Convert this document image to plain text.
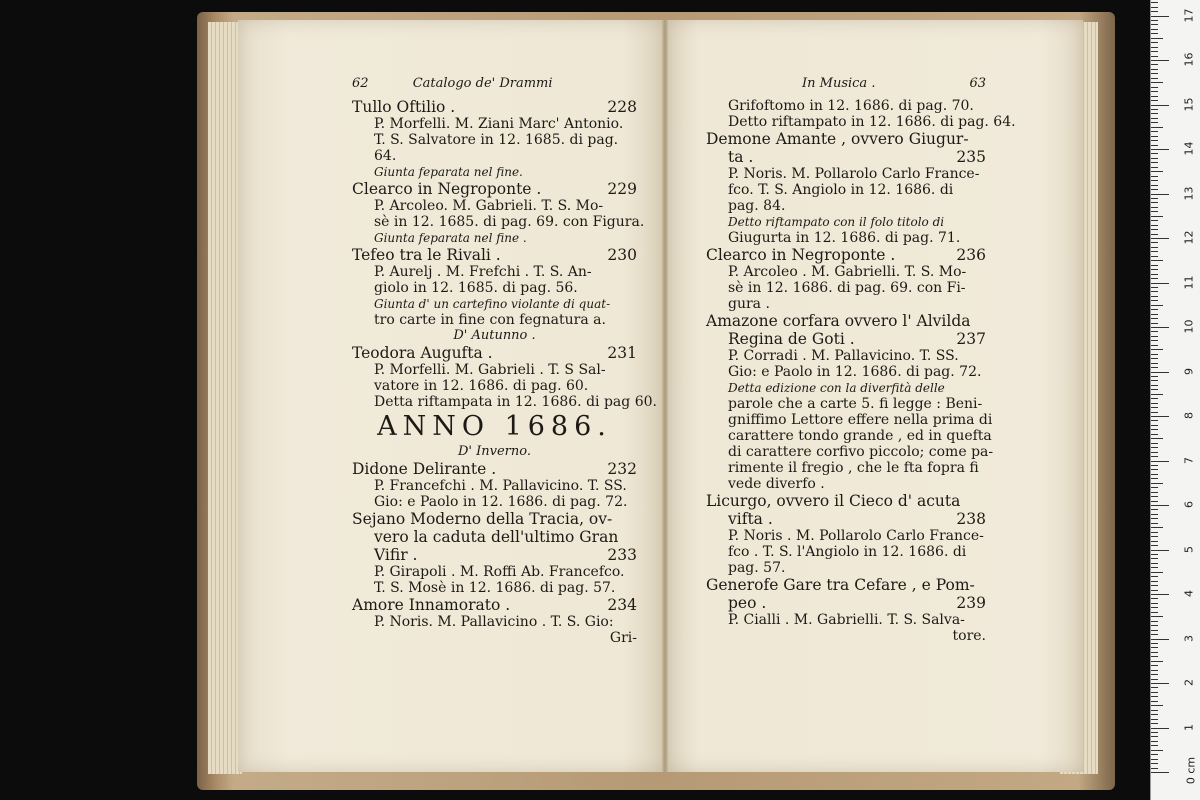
62	Catalogo de' Drammi
Tullo Oftilio .	228
P. Morfelli. M. Ziani Marc' Antonio.
T. S. Salvatore in 12. 1685. di pag.
64.
Giunta feparata nel fine.
Clearco in Negroponte .	229
P. Arcoleo. M. Gabrieli. T. S. Mo-
sè in 12. 1685. di pag. 69. con Figura.
Giunta feparata nel fine .
Tefeo tra le Rivali .	230
P. Aurelj . M. Frefchi . T. S. An-
giolo in 12. 1685. di pag. 56.
Giunta d' un cartefino violante di quat-
tro carte in fine con fegnatura a.
D' Autunno .
Teodora Augufta .	231
P. Morfelli. M. Gabrieli . T. S Sal-
vatore in 12. 1686. di pag. 60.
Detta riftampata in 12. 1686. di pag 60.
ANNO 1686.
D' Inverno.
Didone Delirante .	232
P. Francefchi . M. Pallavicino. T. SS.
Gio: e Paolo in 12. 1686. di pag. 72.
Sejano Moderno della Tracia, ov-
vero la caduta dell'ultimo Gran
Vifir .	233
P. Girapoli . M. Roffi Ab. Francefco.
T. S. Mosè in 12. 1686. di pag. 57.
Amore Innamorato .	234
P. Noris. M. Pallavicino . T. S. Gio:
Gri-
In Musica .	63
Grifoftomo in 12. 1686. di pag. 70.
Detto riftampato in 12. 1686. di pag. 64.
Demone Amante , ovvero Giugur-
ta .	235
P. Noris. M. Pollarolo Carlo France-
fco. T. S. Angiolo in 12. 1686. di
pag. 84.
Detto riftampato con il folo titolo di
Giugurta in 12. 1686. di pag. 71.
Clearco in Negroponte .	236
P. Arcoleo . M. Gabrielli. T. S. Mo-
sè in 12. 1686. di pag. 69. con Fi-
gura .
Amazone corfara ovvero l' Alvilda
Regina de Goti .	237
P. Corradi . M. Pallavicino. T. SS.
Gio: e Paolo in 12. 1686. di pag. 72.
Detta edizione con la diverfità delle
parole che a carte 5. fi legge : Beni-
gniffimo Lettore effere nella prima di
carattere tondo grande , ed in quefta
di carattere corfivo piccolo; come pa-
rimente il fregio , che le fta fopra fi
vede diverfo .
Licurgo, ovvero il Cieco d' acuta
vifta .	238
P. Noris . M. Pollarolo Carlo France-
fco . T. S. l'Angiolo in 12. 1686. di
pag. 57.
Generofe Gare tra Cefare , e Pom-
peo .	239
P. Cialli . M. Gabrielli. T. S. Salva-
tore.
0 cm
1
2
3
4
5
6
7
8
9
10
11
12
13
14
15
16
17
